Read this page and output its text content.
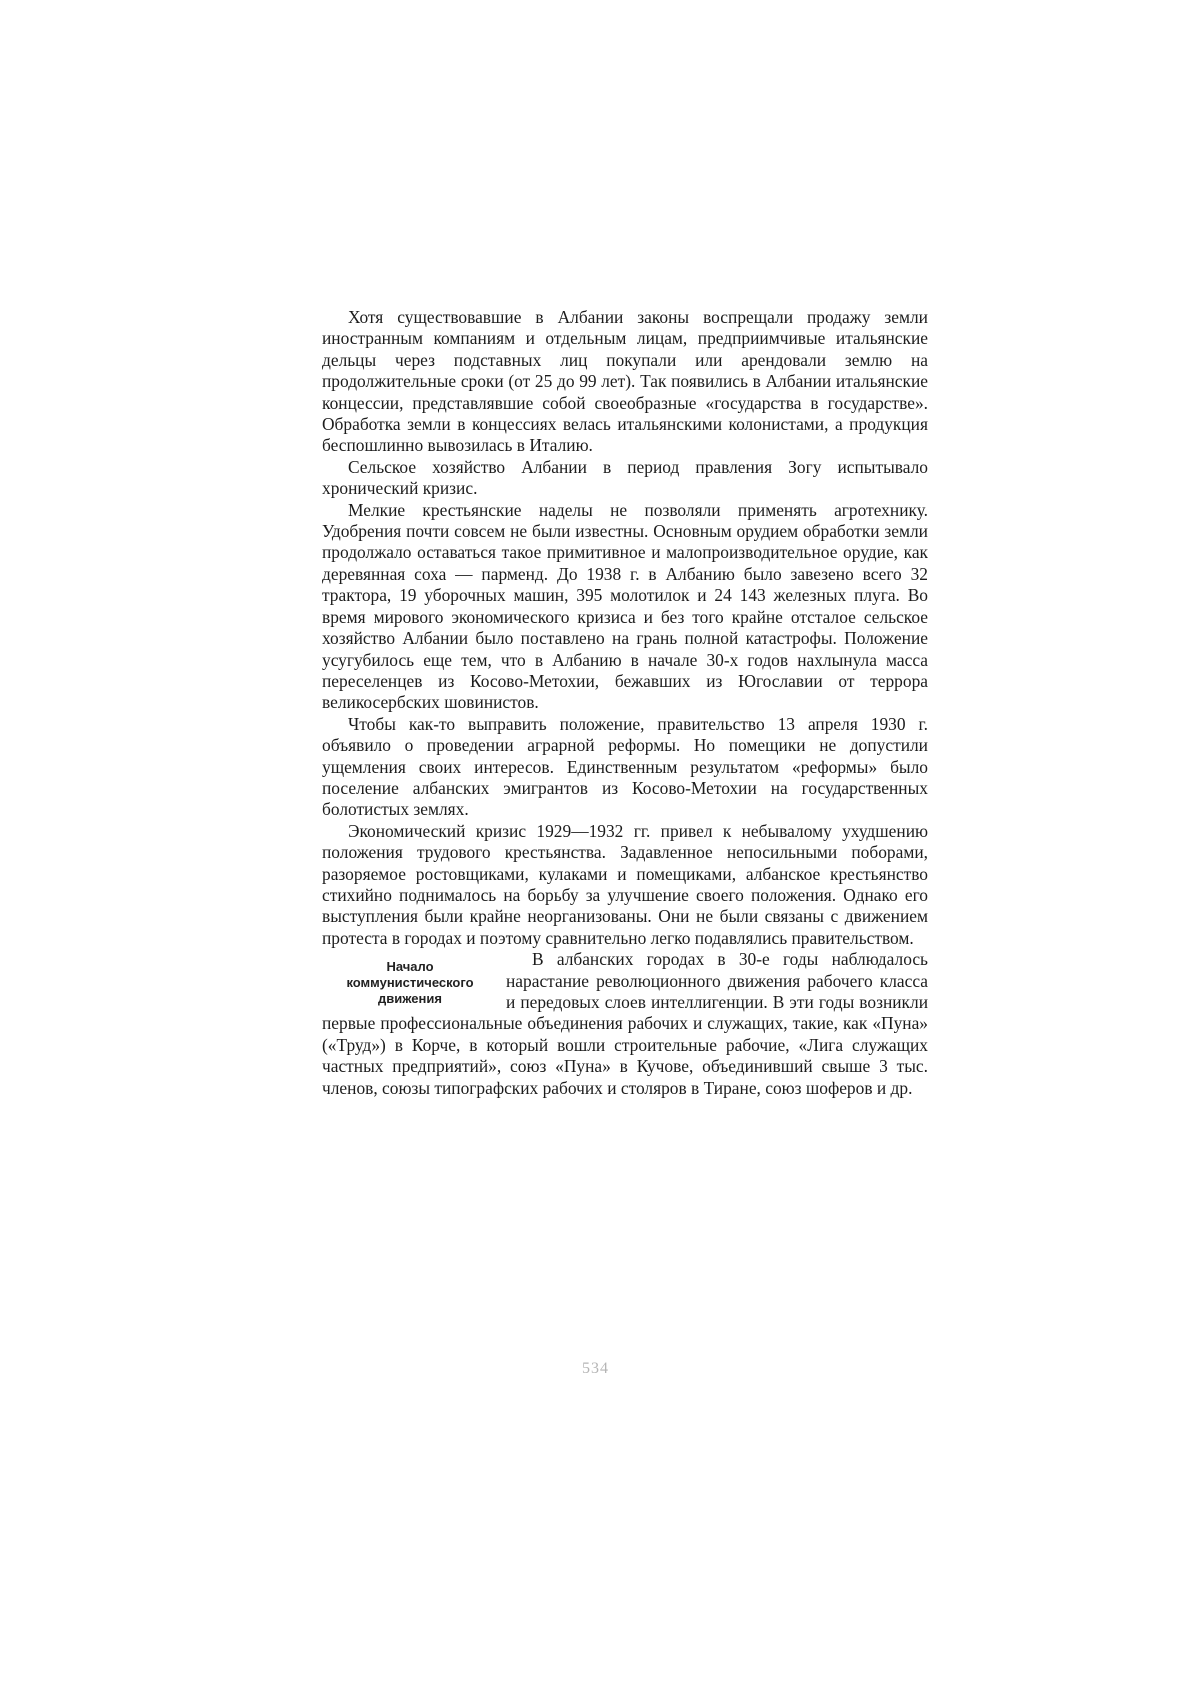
Хотя существовавшие в Албании законы воспрещали продажу земли иностранным компаниям и отдельным лицам, предприимчивые итальянские дельцы через подставных лиц покупали или арендовали землю на продолжительные сроки (от 25 до 99 лет). Так появились в Албании итальянские концессии, представлявшие собой своеобразные «государства в государстве». Обработка земли в концессиях велась итальянскими колонистами, а продукция беспошлинно вывозилась в Италию.

Сельское хозяйство Албании в период правления Зогу испытывало хронический кризис.

Мелкие крестьянские наделы не позволяли применять агротехнику. Удобрения почти совсем не были известны. Основным орудием обработки земли продолжало оставаться такое примитивное и малопроизводительное орудие, как деревянная соха — парменд. До 1938 г. в Албанию было завезено всего 32 трактора, 19 уборочных машин, 395 молотилок и 24 143 железных плуга. Во время мирового экономического кризиса и без того крайне отсталое сельское хозяйство Албании было поставлено на грань полной катастрофы. Положение усугубилось еще тем, что в Албанию в начале 30-х годов нахлынула масса переселенцев из Косово-Метохии, бежавших из Югославии от террора великосербских шовинистов.

Чтобы как-то выправить положение, правительство 13 апреля 1930 г. объявило о проведении аграрной реформы. Но помещики не допустили ущемления своих интересов. Единственным результатом «реформы» было поселение албанских эмигрантов из Косово-Метохии на государственных болотистых землях.

Экономический кризис 1929—1932 гг. привел к небывалому ухудшению положения трудового крестьянства. Задавленное непосильными поборами, разоряемое ростовщиками, кулаками и помещиками, албанское крестьянство стихийно поднималось на борьбу за улучшение своего положения. Однако его выступления были крайне неорганизованы. Они не были связаны с движением протеста в городах и поэтому сравнительно легко подавлялись правительством.

Начало
коммунистического
движения

В албанских городах в 30-е годы наблюдалось нарастание революционного движения рабочего класса и передовых слоев интеллигенции. В эти годы возникли первые профессиональные объединения рабочих и служащих, такие, как «Пуна» («Труд») в Корче, в который вошли строительные рабочие, «Лига служащих частных предприятий», союз «Пуна» в Кучове, объединивший свыше 3 тыс. членов, союзы типографских рабочих и столяров в Тиране, союз шоферов и др.

534
